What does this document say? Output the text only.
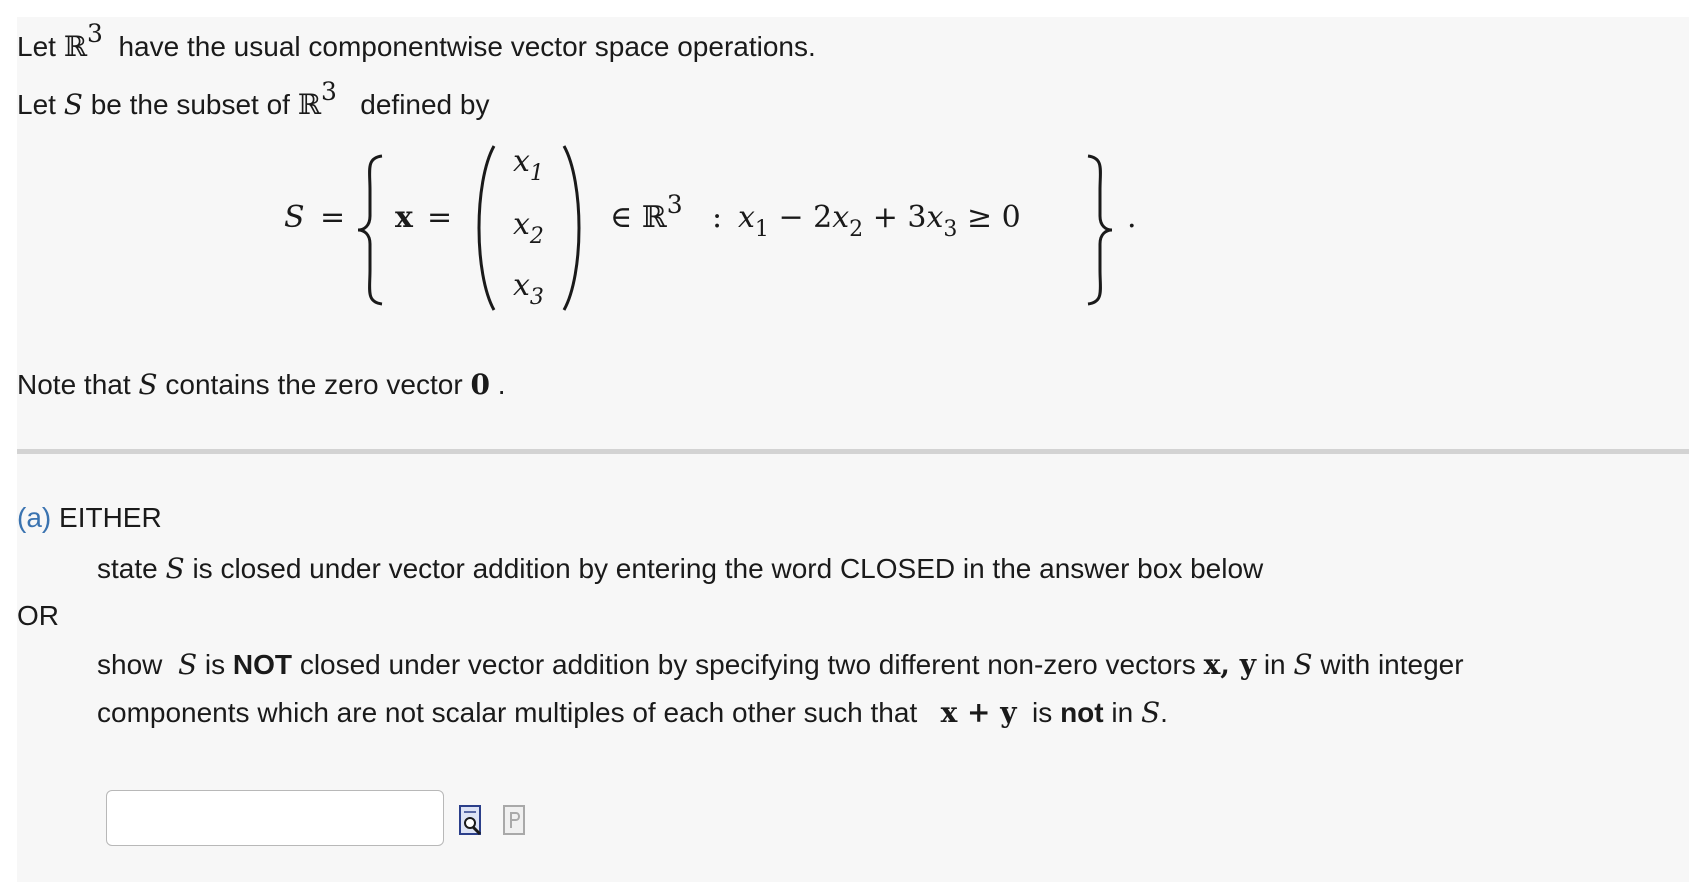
Let ℝ3 have the usual componentwise vector space operations.
Let S be the subset of ℝ3 defined by
S = x =
$x_1$
$x_2$
$x_3$
∈ ℝ$^3$ : $x_1 - 2x_2 + 3x_3 \ge 0$	.
Note that S contains the zero vector 0 .
(a) EITHER
state S is closed under vector addition by entering the word CLOSED in the answer box below
OR
show S is NOT closed under vector addition by specifying two different non-zero vectors x, y in S with integer
components which are not scalar multiples of each other such that x + y is not in S.
